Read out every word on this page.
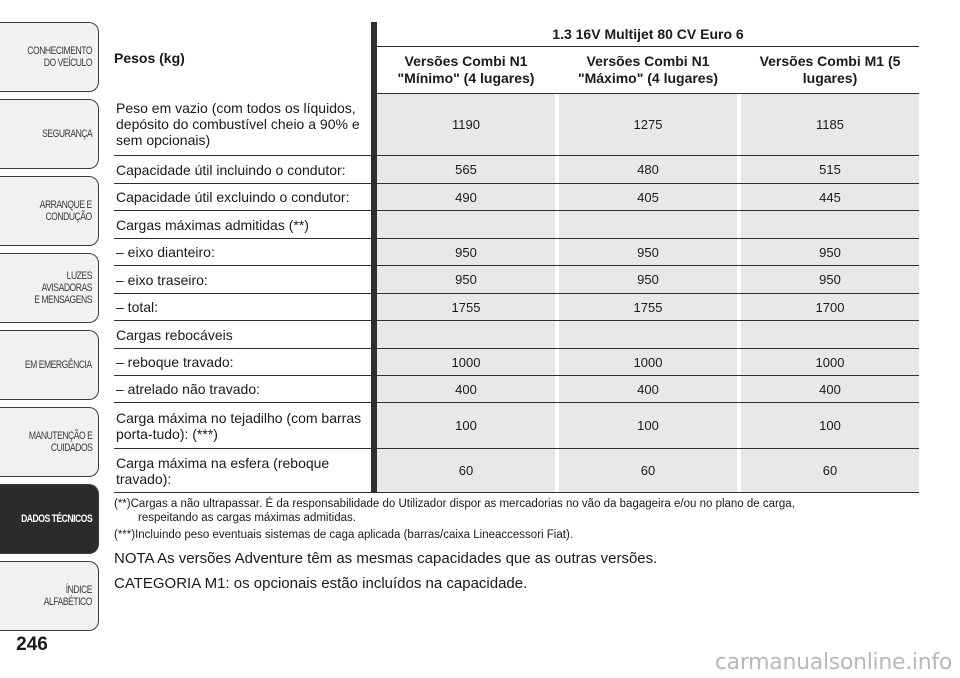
CONHECIMENTO
DO VEÍCULO
SEGURANÇA
ARRANQUE E
CONDUÇÃO
LUZES AVISADORAS
E MENSAGENS
EM EMERGÊNCIA
MANUTENÇÃO E
CUIDADOS
DADOS TÉCNICOS
ÍNDICE ALFABÉTICO
246
Pesos (kg)		1.3 16V Multijet 80 CV Euro 6				
		Versões Combi N1 "Mínimo" (4 lugares)		Versões Combi N1 "Máximo" (4 lugares)		Versões Combi M1 (5 lugares)
Peso em vazio (com todos os líquidos, depósito do combustível cheio a 90% e sem opcionais)		1190		1275		1185
Capacidade útil incluindo o condutor:		565		480		515
Capacidade útil excluindo o condutor:		490		405		445
Cargas máximas admitidas (**)						
– eixo dianteiro:		950		950		950
– eixo traseiro:		950		950		950
– total:		1755		1755		1700
Cargas rebocáveis						
– reboque travado:		1000		1000		1000
– atrelado não travado:		400		400		400
Carga máxima no tejadilho (com barras porta-tudo): (***)		100		100		100
Carga máxima na esfera (reboque travado):		60		60		60

(**)Cargas a não ultrapassar. É da responsabilidade do Utilizador dispor as mercadorias no vão da bagageira e/ou no plano de carga,
respeitando as cargas máximas admitidas.

(***)Incluindo peso eventuais sistemas de caga aplicada (barras/caixa Lineaccessori Fiat).

NOTA As versões Adventure têm as mesmas capacidades que as outras versões.
CATEGORIA M1: os opcionais estão incluídos na capacidade.
carmanualsonline.info
